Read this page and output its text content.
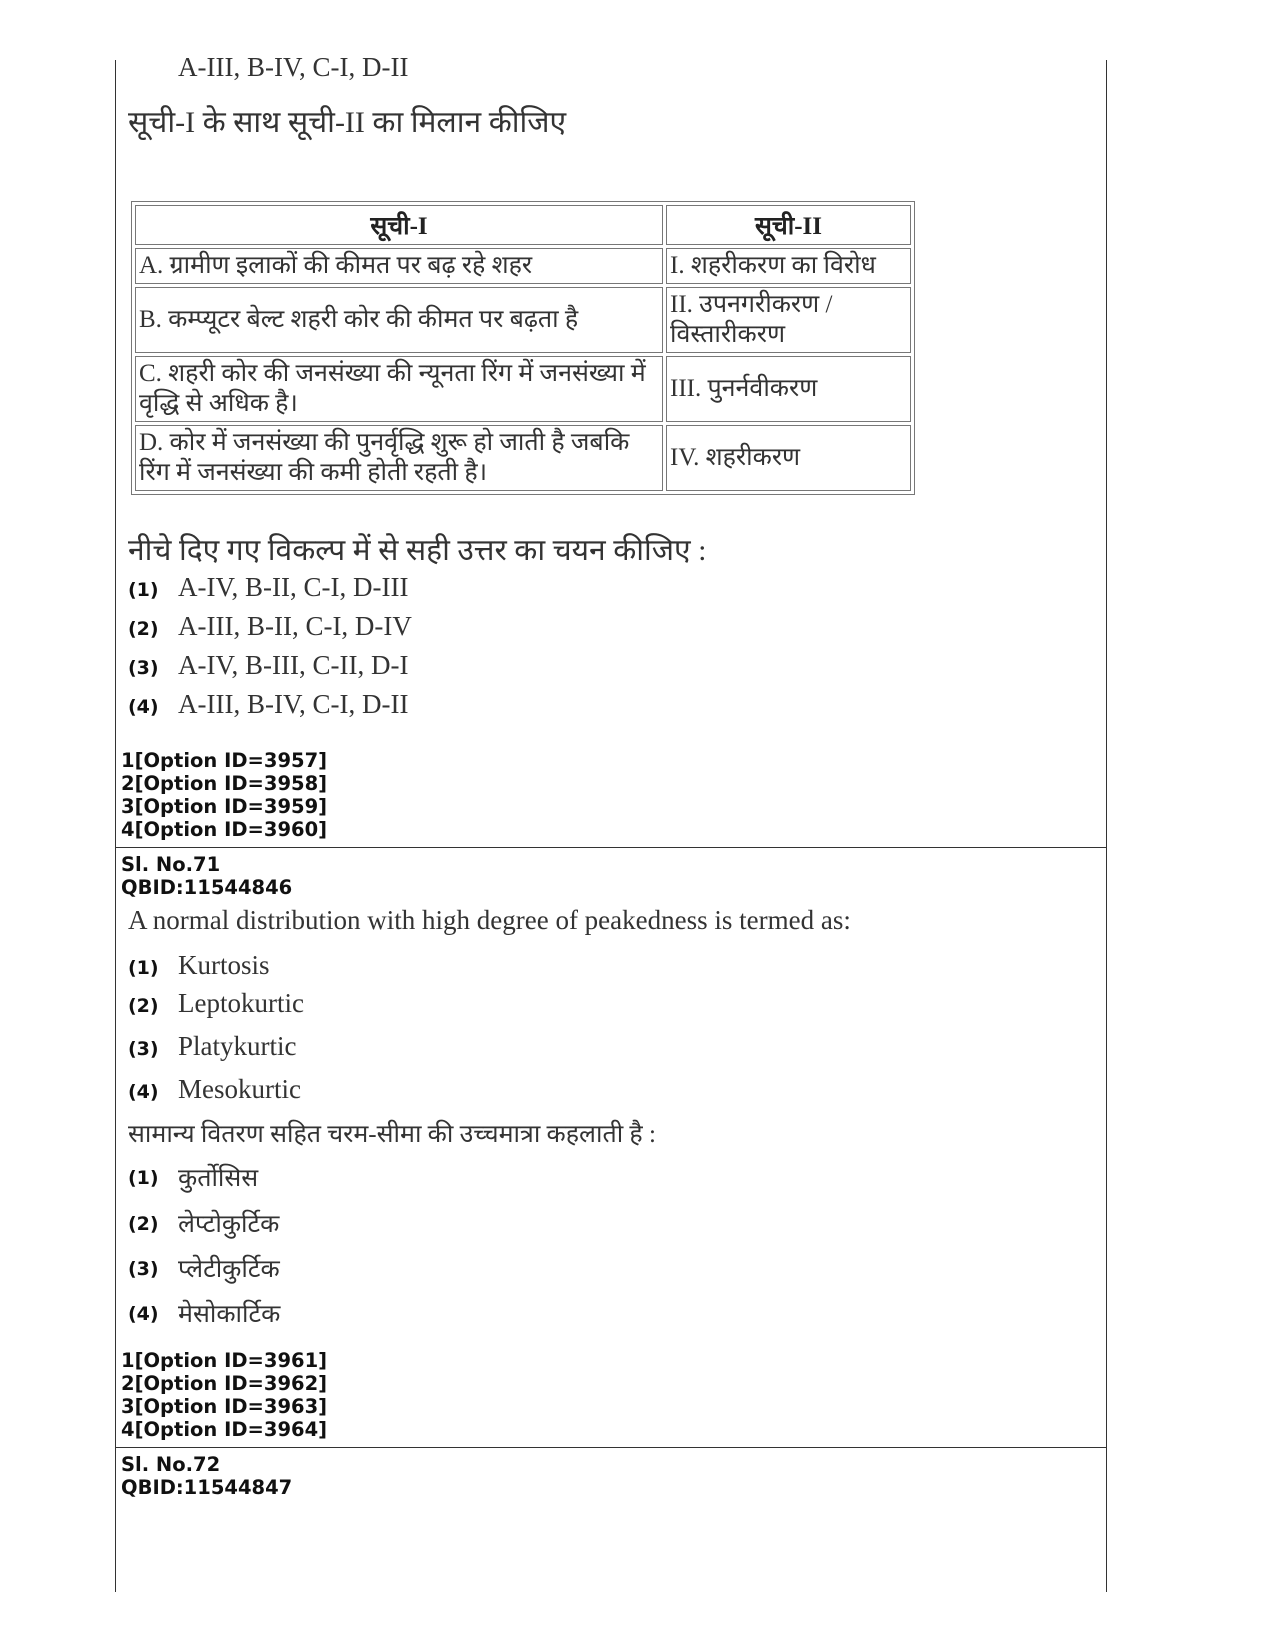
A-III, B-IV, C-I, D-II
सूची-I के साथ सूची-II का मिलान कीजिए
सूची-I	सूची-II
A. ग्रामीण इलाकों की कीमत पर बढ़ रहे शहर	I. शहरीकरण का विरोध
B. कम्प्यूटर बेल्ट शहरी कोर की कीमत पर बढ़ता है	II. उपनगरीकरण / विस्तारीकरण
C. शहरी कोर की जनसंख्या की न्यूनता रिंग में जनसंख्या में वृद्धि से अधिक है।	III. पुनर्नवीकरण
D. कोर में जनसंख्या की पुनर्वृद्धि शुरू हो जाती है जबकि रिंग में जनसंख्या की कमी होती रहती है।	IV. शहरीकरण
नीचे दिए गए विकल्प में से सही उत्तर का चयन कीजिए :
(1) A-IV, B-II, C-I, D-III
(2) A-III, B-II, C-I, D-IV
(3) A-IV, B-III, C-II, D-I
(4) A-III, B-IV, C-I, D-II
1[Option ID=3957]
2[Option ID=3958]
3[Option ID=3959]
4[Option ID=3960]
Sl. No.71
QBID:11544846
A normal distribution with high degree of peakedness is termed as:
(1) Kurtosis
(2) Leptokurtic
(3) Platykurtic
(4) Mesokurtic
सामान्य वितरण सहित चरम-सीमा की उच्चमात्रा कहलाती है :
(1) कुर्तोसिस
(2) लेप्टोकुर्टिक
(3) प्लेटीकुर्टिक
(4) मेसोकार्टिक
1[Option ID=3961]
2[Option ID=3962]
3[Option ID=3963]
4[Option ID=3964]
Sl. No.72
QBID:11544847
